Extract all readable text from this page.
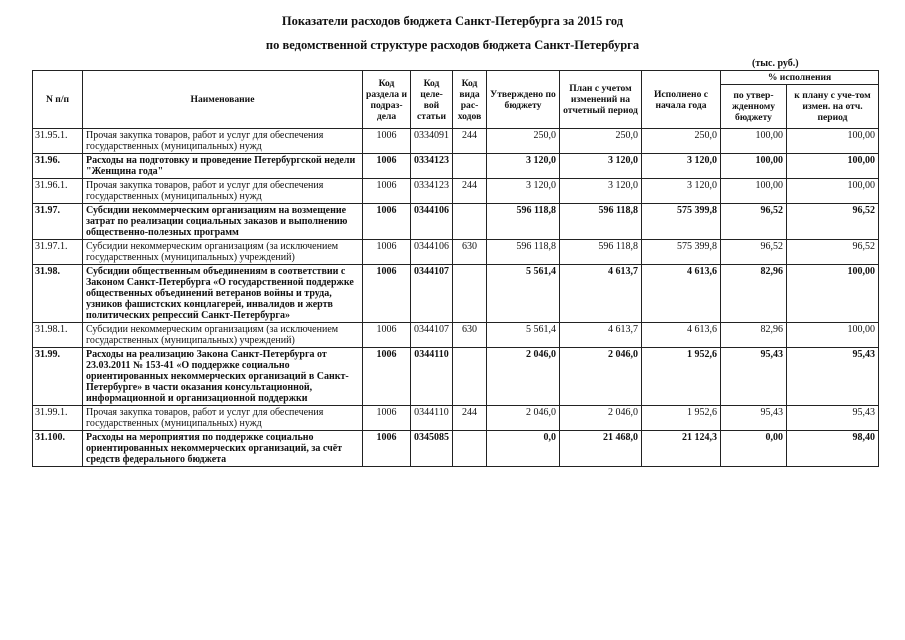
Показатели расходов бюджета Санкт-Петербурга за 2015 год
по ведомственной структуре расходов бюджета Санкт-Петербурга
(тыс. руб.)
N п/п	Наименование	Код раздела и подраз-дела	Код целе-вой статьи	Код вида рас-ходов	Утверждено по бюджету	План с учетом изменений на отчетный период	Исполнено с начала года	% исполнения	
								по утвер-жденному бюджету	к плану с уче-том измен. на отч. период
31.95.1.	Прочая закупка товаров, работ и услуг для обеспечения государственных (муниципальных) нужд	1006	0334091	244	250,0	250,0	250,0	100,00	100,00
31.96.	Расходы на подготовку и проведение Петербургской недели "Женщина года"	1006	0334123		3 120,0	3 120,0	3 120,0	100,00	100,00
31.96.1.	Прочая закупка товаров, работ и услуг для обеспечения государственных (муниципальных) нужд	1006	0334123	244	3 120,0	3 120,0	3 120,0	100,00	100,00
31.97.	Субсидии некоммерческим организациям на возмещение затрат по реализации социальных заказов и выполнению общественно-полезных программ	1006	0344106		596 118,8	596 118,8	575 399,8	96,52	96,52
31.97.1.	Субсидии некоммерческим организациям (за исключением государственных (муниципальных) учреждений)	1006	0344106	630	596 118,8	596 118,8	575 399,8	96,52	96,52
31.98.	Субсидии общественным объединениям в соответствии с Законом Санкт-Петербурга «О государственной поддержке общественных объединений ветеранов войны и труда, узников фашистских концлагерей, инвалидов и жертв политических репрессий Санкт-Петербурга»	1006	0344107		5 561,4	4 613,7	4 613,6	82,96	100,00
31.98.1.	Субсидии некоммерческим организациям (за исключением государственных (муниципальных) учреждений)	1006	0344107	630	5 561,4	4 613,7	4 613,6	82,96	100,00
31.99.	Расходы на реализацию Закона Санкт-Петербурга от 23.03.2011 № 153-41 «О поддержке социально ориентированных некоммерческих организаций в Санкт-Петербурге» в части оказания консультационной, информационной и организационной поддержки	1006	0344110		2 046,0	2 046,0	1 952,6	95,43	95,43
31.99.1.	Прочая закупка товаров, работ и услуг для обеспечения государственных (муниципальных) нужд	1006	0344110	244	2 046,0	2 046,0	1 952,6	95,43	95,43
31.100.	Расходы на мероприятия по поддержке социально ориентированных некоммерческих организаций, за счёт средств федерального бюджета	1006	0345085		0,0	21 468,0	21 124,3	0,00	98,40
